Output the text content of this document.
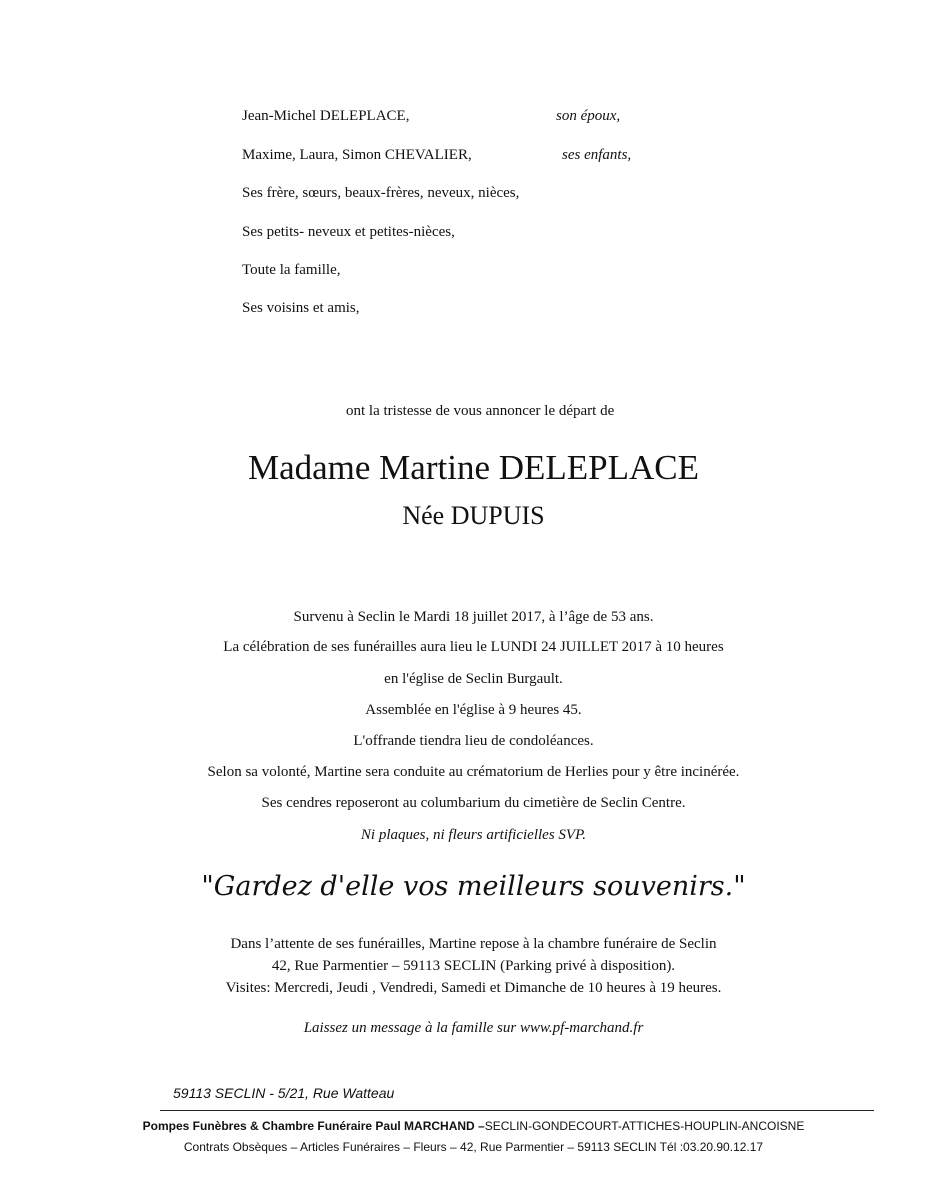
Jean-Michel DELEPLACE,	son époux,
Maxime, Laura, Simon CHEVALIER,	ses enfants,
Ses frère, sœurs, beaux-frères, neveux, nièces,
Ses petits- neveux et petites-nièces,
Toute la famille,
Ses voisins et amis,
ont la tristesse de vous annoncer le départ de
Madame Martine DELEPLACE
Née DUPUIS
Survenu à Seclin le Mardi 18 juillet 2017, à l’âge de 53 ans.
La célébration de ses funérailles aura lieu le LUNDI 24 JUILLET 2017 à 10 heures
en l'église de Seclin Burgault.
Assemblée en l'église à 9 heures 45.
L'offrande tiendra lieu de condoléances.
Selon sa volonté, Martine sera conduite au crématorium de Herlies pour y être incinérée.
Ses cendres reposeront au columbarium du cimetière de Seclin Centre.
Ni plaques, ni fleurs artificielles SVP.
"Gardez d'elle vos meilleurs souvenirs."
Dans l’attente de ses funérailles, Martine repose à la chambre funéraire de Seclin
42, Rue Parmentier – 59113 SECLIN (Parking privé à disposition).
Visites: Mercredi, Jeudi , Vendredi, Samedi et Dimanche de 10 heures à 19 heures.
Laissez un message à la famille sur www.pf-marchand.fr
59113 SECLIN - 5/21, Rue Watteau
Pompes Funèbres & Chambre Funéraire Paul MARCHAND –SECLIN-GONDECOURT-ATTICHES-HOUPLIN-ANCOISNE
Contrats Obsèques – Articles Funéraires – Fleurs – 42, Rue Parmentier – 59113 SECLIN Tél :03.20.90.12.17
